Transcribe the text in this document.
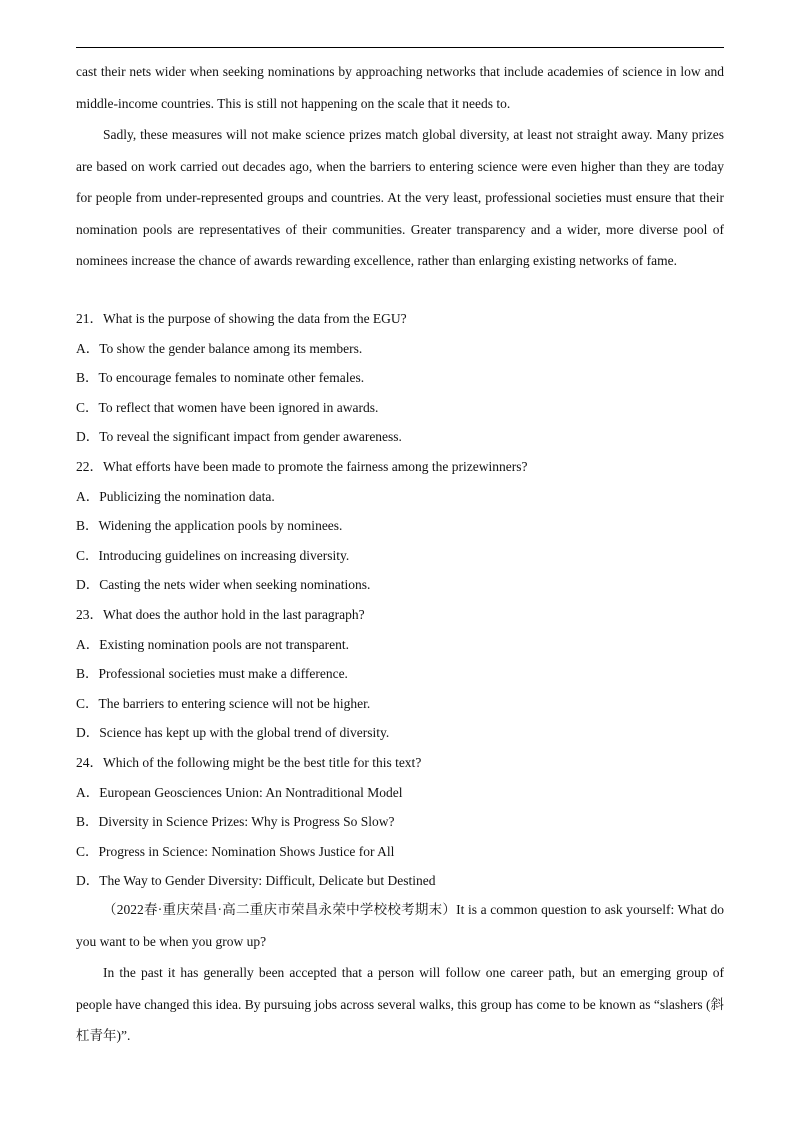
cast their nets wider when seeking nominations by approaching networks that include academies of science in low and middle-income countries. This is still not happening on the scale that it needs to.

Sadly, these measures will not make science prizes match global diversity, at least not straight away. Many prizes are based on work carried out decades ago, when the barriers to entering science were even higher than they are today for people from under-represented groups and countries. At the very least, professional societies must ensure that their nomination pools are representatives of their communities. Greater transparency and a wider, more diverse pool of nominees increase the chance of awards rewarding excellence, rather than enlarging existing networks of fame.

21．What is the purpose of showing the data from the EGU?

A．To show the gender balance among its members.

B．To encourage females to nominate other females.

C．To reflect that women have been ignored in awards.

D．To reveal the significant impact from gender awareness.

22．What efforts have been made to promote the fairness among the prizewinners?

A．Publicizing the nomination data.

B．Widening the application pools by nominees.

C．Introducing guidelines on increasing diversity.

D．Casting the nets wider when seeking nominations.

23．What does the author hold in the last paragraph?

A．Existing nomination pools are not transparent.

B．Professional societies must make a difference.

C．The barriers to entering science will not be higher.

D．Science has kept up with the global trend of diversity.

24．Which of the following might be the best title for this text?

A．European Geosciences Union: An Nontraditional Model

B．Diversity in Science Prizes: Why is Progress So Slow?

C．Progress in Science: Nomination Shows Justice for All

D．The Way to Gender Diversity: Difficult, Delicate but Destined

（2022春·重庆荣昌·高二重庆市荣昌永荣中学校校考期末）It is a common question to ask yourself: What do you want to be when you grow up?

In the past it has generally been accepted that a person will follow one career path, but an emerging group of people have changed this idea. By pursuing jobs across several walks, this group has come to be known as “slashers (斜杠青年)”.
